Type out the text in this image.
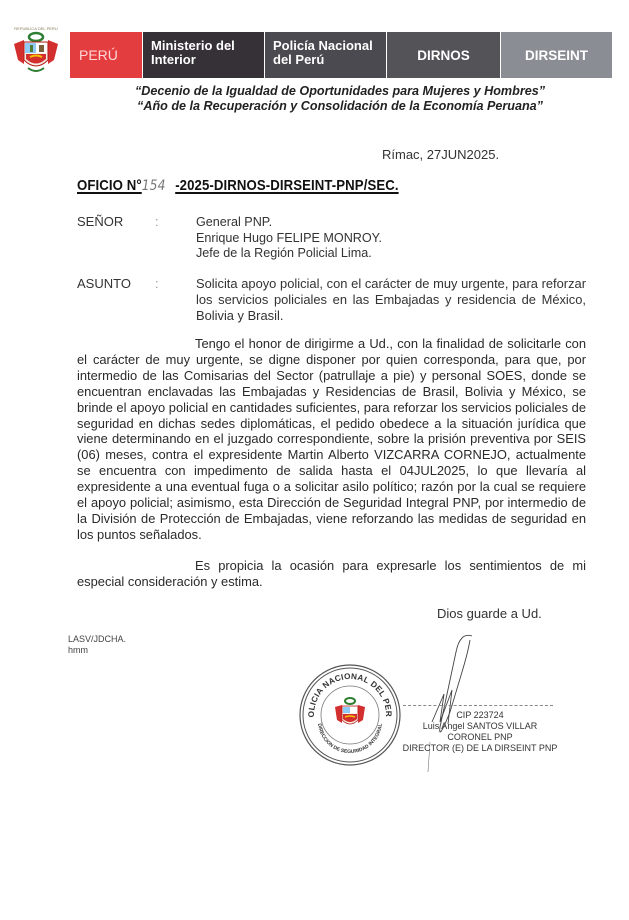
REPUBLICA DEL PERU
PERÚ
Ministerio del
Interior
Policía Nacional
del Perú	DIRNOS	DIRSEINT
“Decenio de la Igualdad de Oportunidades para Mujeres y Hombres”
“Año de la Recuperación y Consolidación de la Economía Peruana”
Rímac, 27JUN2025.
OFICIO N°154 -2025-DIRNOS-DIRSEINT-PNP/SEC.
SEÑOR :	General PNP.
Enrique Hugo FELIPE MONROY.
Jefe de la Región Policial Lima.
ASUNTO :	Solicita apoyo policial, con el carácter de muy urgente, para reforzar los servicios policiales en las Embajadas y residencia de México, Bolivia y Brasil.
Tengo el honor de dirigirme a Ud., con la finalidad de solicitarle con el carácter de muy urgente, se digne disponer por quien corresponda, para que, por intermedio de las Comisarias del Sector (patrullaje a pie) y personal SOES, donde se encuentran enclavadas las Embajadas y Residencias de Brasil, Bolivia y México, se brinde el apoyo policial en cantidades suficientes, para reforzar los servicios policiales de seguridad en dichas sedes diplomáticas, el pedido obedece a la situación jurídica que viene determinando en el juzgado correspondiente, sobre la prisión preventiva por SEIS (06) meses, contra el expresidente Martin Alberto VIZCARRA CORNEJO, actualmente se encuentra con impedimento de salida hasta el 04JUL2025, lo que llevaría al expresidente a una eventual fuga o a solicitar asilo político; razón por la cual se requiere el apoyo policial; asimismo, esta Dirección de Seguridad Integral PNP, por intermedio de la División de Protección de Embajadas, viene reforzando las medidas de seguridad en los puntos señalados.
Es propicia la ocasión para expresarle los sentimientos de mi especial consideración y estima.
Dios guarde a Ud.
LASV/JDCHA.
hmm
OLICIA NACIONAL DEL PER
DIRECCION DE SEGURIDAD INTEGRAL
CIP 223724
Luis Angel SANTOS VILLAR
CORONEL PNP
DIRECTOR (E) DE LA DIRSEINT PNP
